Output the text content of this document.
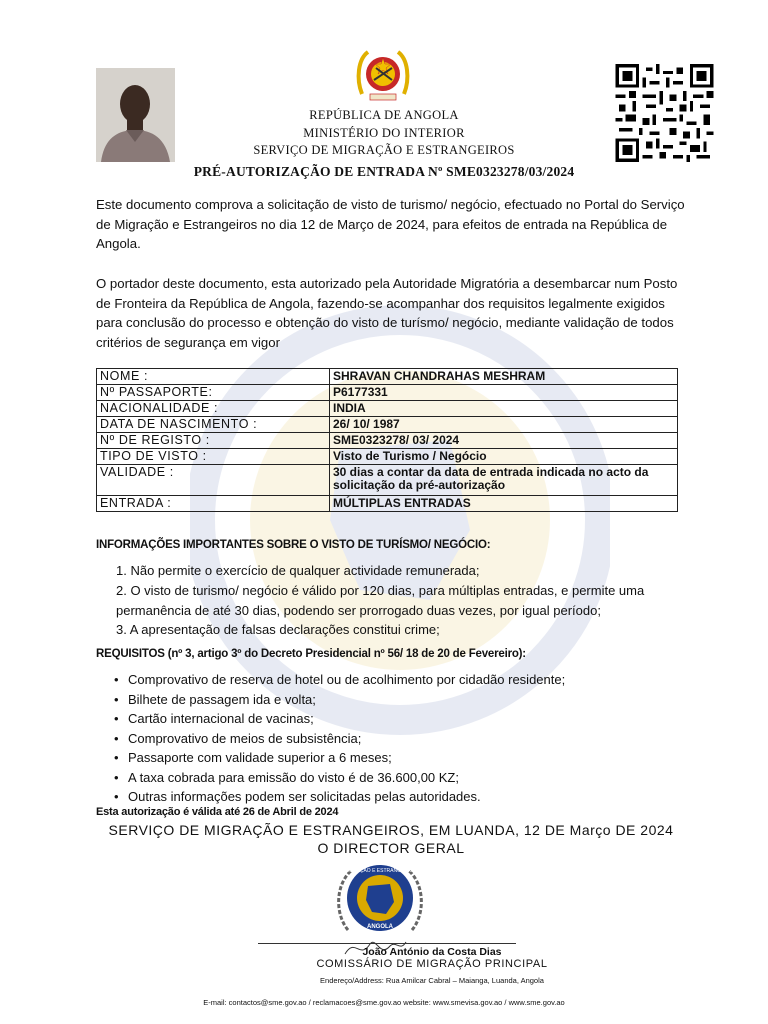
REPÚBLICA DE ANGOLA
MINISTÉRIO DO INTERIOR
SERVIÇO DE MIGRAÇÃO E ESTRANGEIROS
PRÉ-AUTORIZAÇÃO DE ENTRADA Nº SME0323278/03/2024
Este documento comprova a solicitação de visto de turismo/ negócio, efectuado no Portal do Serviço de Migração e Estrangeiros no dia 12 de Março de 2024, para efeitos de entrada na República de Angola.
O portador deste documento, esta autorizado pela Autoridade Migratória a desembarcar num Posto de Fronteira da República de Angola, fazendo-se acompanhar dos requisitos legalmente exigidos para conclusão do processo e obtenção do visto de turísmo/ negócio, mediante validação de todos critérios de segurança em vigor
NOME :	SHRAVAN CHANDRAHAS MESHRAM
Nº PASSAPORTE:	P6177331
NACIONALIDADE :	INDIA
DATA DE NASCIMENTO :	26/ 10/ 1987
Nº DE REGISTO :	SME0323278/ 03/ 2024
TIPO DE VISTO :	Visto de Turismo / Negócio
VALIDADE :	30 dias a contar da data de entrada indicada no acto da solicitação da pré-autorização
ENTRADA :	MÚLTIPLAS ENTRADAS
INFORMAÇÕES IMPORTANTES SOBRE O VISTO DE TURÍSMO/ NEGÓCIO:
1. Não permite o exercício de qualquer actividade remunerada;
2. O visto de turismo/ negócio é válido por 120 dias, para múltiplas entradas, e permite uma permanência de até 30 dias, podendo ser prorrogado duas vezes, por igual período;
3. A apresentação de falsas declarações constitui crime;
REQUISITOS (nº 3, artigo 3º do Decreto Presidencial nº 56/ 18 de 20 de Fevereiro):
• Comprovativo de reserva de hotel ou de acolhimento por cidadão residente;
• Bilhete de passagem ida e volta;
• Cartão internacional de vacinas;
• Comprovativo de meios de subsistência;
• Passaporte com validade superior a 6 meses;
• A taxa cobrada para emissão do visto é de 36.600,00 KZ;
• Outras informações podem ser solicitadas pelas autoridades.
Esta autorização é válida até 26 de Abril de 2024
SERVIÇO DE MIGRAÇÃO E ESTRANGEIROS, EM LUANDA, 12 DE Março DE 2024
O DIRECTOR GERAL
MIGRAÇÃO E ESTRANGEIROS
ANGOLA
João António da Costa Dias
COMISSÁRIO DE MIGRAÇÃO PRINCIPAL
Endereço/Address: Rua Amilcar Cabral – Maianga, Luanda, Angola
E-mail: contactos@sme.gov.ao / reclamacoes@sme.gov.ao website: www.smevisa.gov.ao / www.sme.gov.ao
